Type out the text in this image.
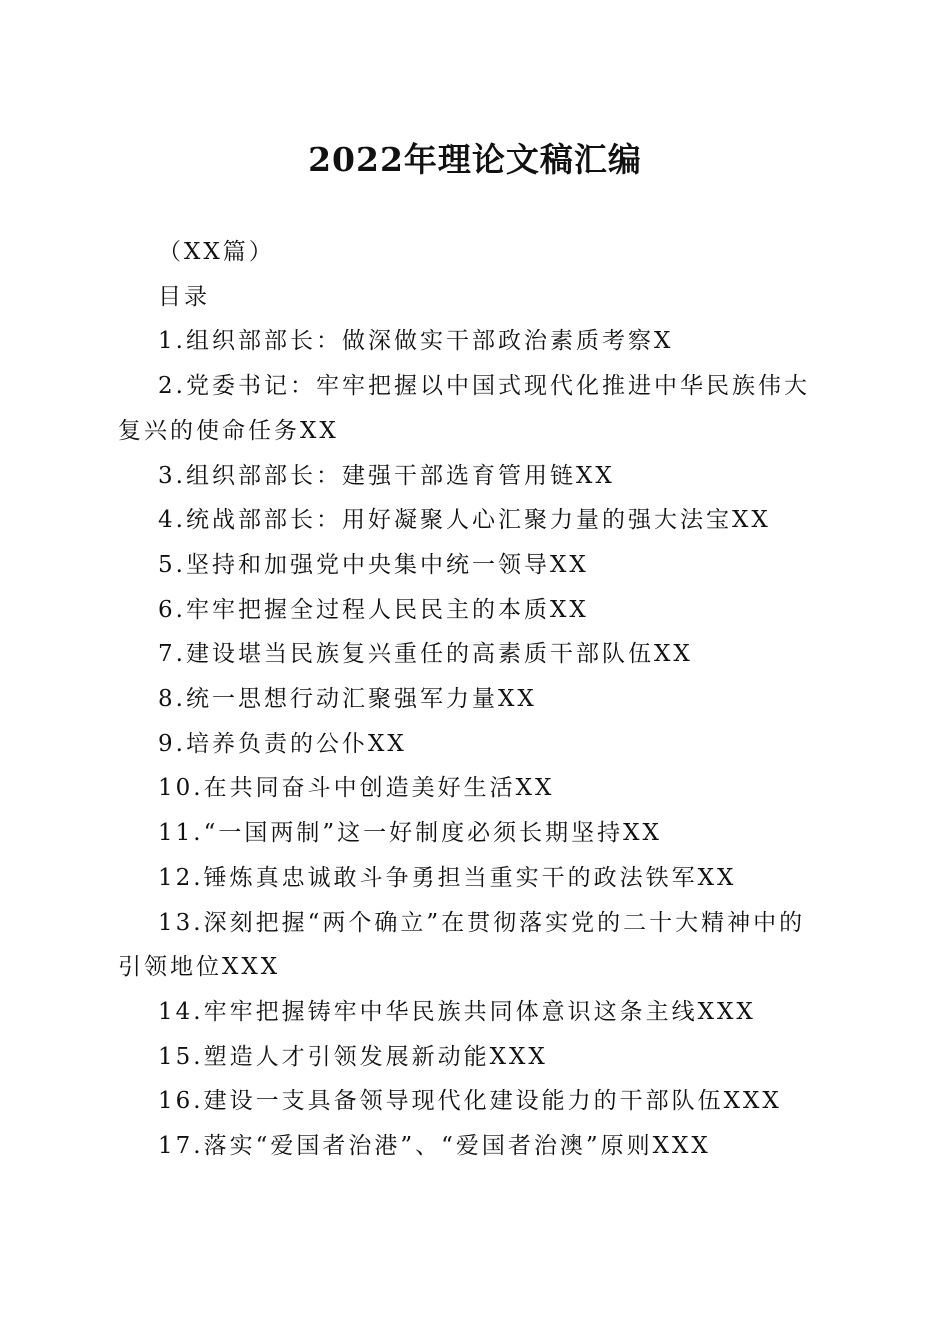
2022年理论文稿汇编

（XX篇）

目录

1.组织部部长：做深做实干部政治素质考察X

2.党委书记：牢牢把握以中国式现代化推进中华民族伟大复兴的使命任务XX

3.组织部部长：建强干部选育管用链XX

4.统战部部长：用好凝聚人心汇聚力量的强大法宝XX

5.坚持和加强党中央集中统一领导XX

6.牢牢把握全过程人民民主的本质XX

7.建设堪当民族复兴重任的高素质干部队伍XX

8.统一思想行动汇聚强军力量XX

9.培养负责的公仆XX

10.在共同奋斗中创造美好生活XX

11.“一国两制”这一好制度必须长期坚持XX

12.锤炼真忠诚敢斗争勇担当重实干的政法铁军XX

13.深刻把握“两个确立”在贯彻落实党的二十大精神中的引领地位XXX

14.牢牢把握铸牢中华民族共同体意识这条主线XXX

15.塑造人才引领发展新动能XXX

16.建设一支具备领导现代化建设能力的干部队伍XXX

17.落实“爱国者治港”、“爱国者治澳”原则XXX
